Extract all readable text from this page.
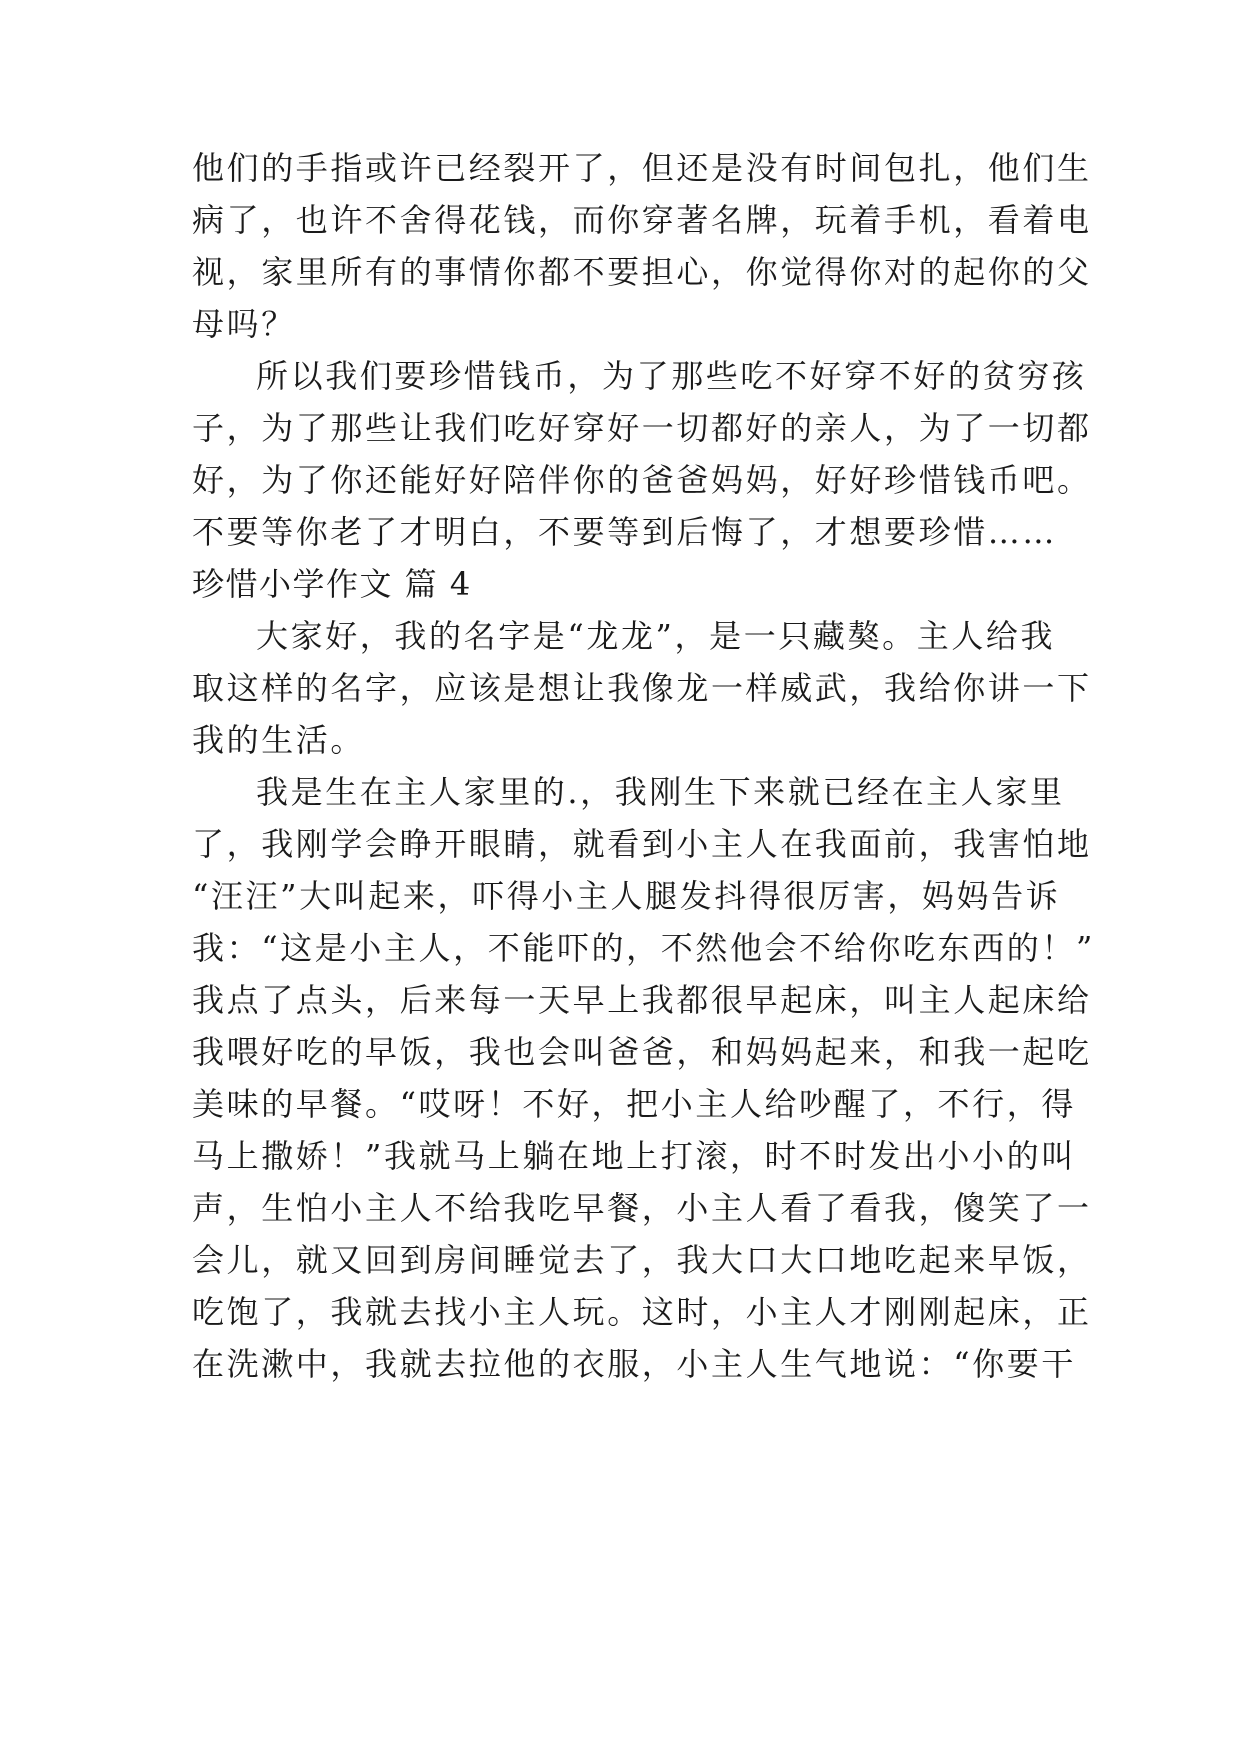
他们的手指或许已经裂开了，但还是没有时间包扎，他们生
病了，也许不舍得花钱，而你穿著名牌，玩着手机，看着电
视，家里所有的事情你都不要担心，你觉得你对的起你的父
母吗？
所以我们要珍惜钱币，为了那些吃不好穿不好的贫穷孩
子，为了那些让我们吃好穿好一切都好的亲人，为了一切都
好，为了你还能好好陪伴你的爸爸妈妈，好好珍惜钱币吧。
不要等你老了才明白，不要等到后悔了，才想要珍惜……
珍惜小学作文 篇 4
大家好，我的名字是“龙龙”，是一只藏獒。主人给我
取这样的名字，应该是想让我像龙一样威武，我给你讲一下
我的生活。
我是生在主人家里的.，我刚生下来就已经在主人家里
了，我刚学会睁开眼睛，就看到小主人在我面前，我害怕地
“汪汪”大叫起来，吓得小主人腿发抖得很厉害，妈妈告诉
我：“这是小主人，不能吓的，不然他会不给你吃东西的！”
我点了点头，后来每一天早上我都很早起床，叫主人起床给
我喂好吃的早饭，我也会叫爸爸，和妈妈起来，和我一起吃
美味的早餐。“哎呀！不好，把小主人给吵醒了，不行，得
马上撒娇！”我就马上躺在地上打滚，时不时发出小小的叫
声，生怕小主人不给我吃早餐，小主人看了看我，傻笑了一
会儿，就又回到房间睡觉去了，我大口大口地吃起来早饭，
吃饱了，我就去找小主人玩。这时，小主人才刚刚起床，正
在洗漱中，我就去拉他的衣服，小主人生气地说：“你要干
